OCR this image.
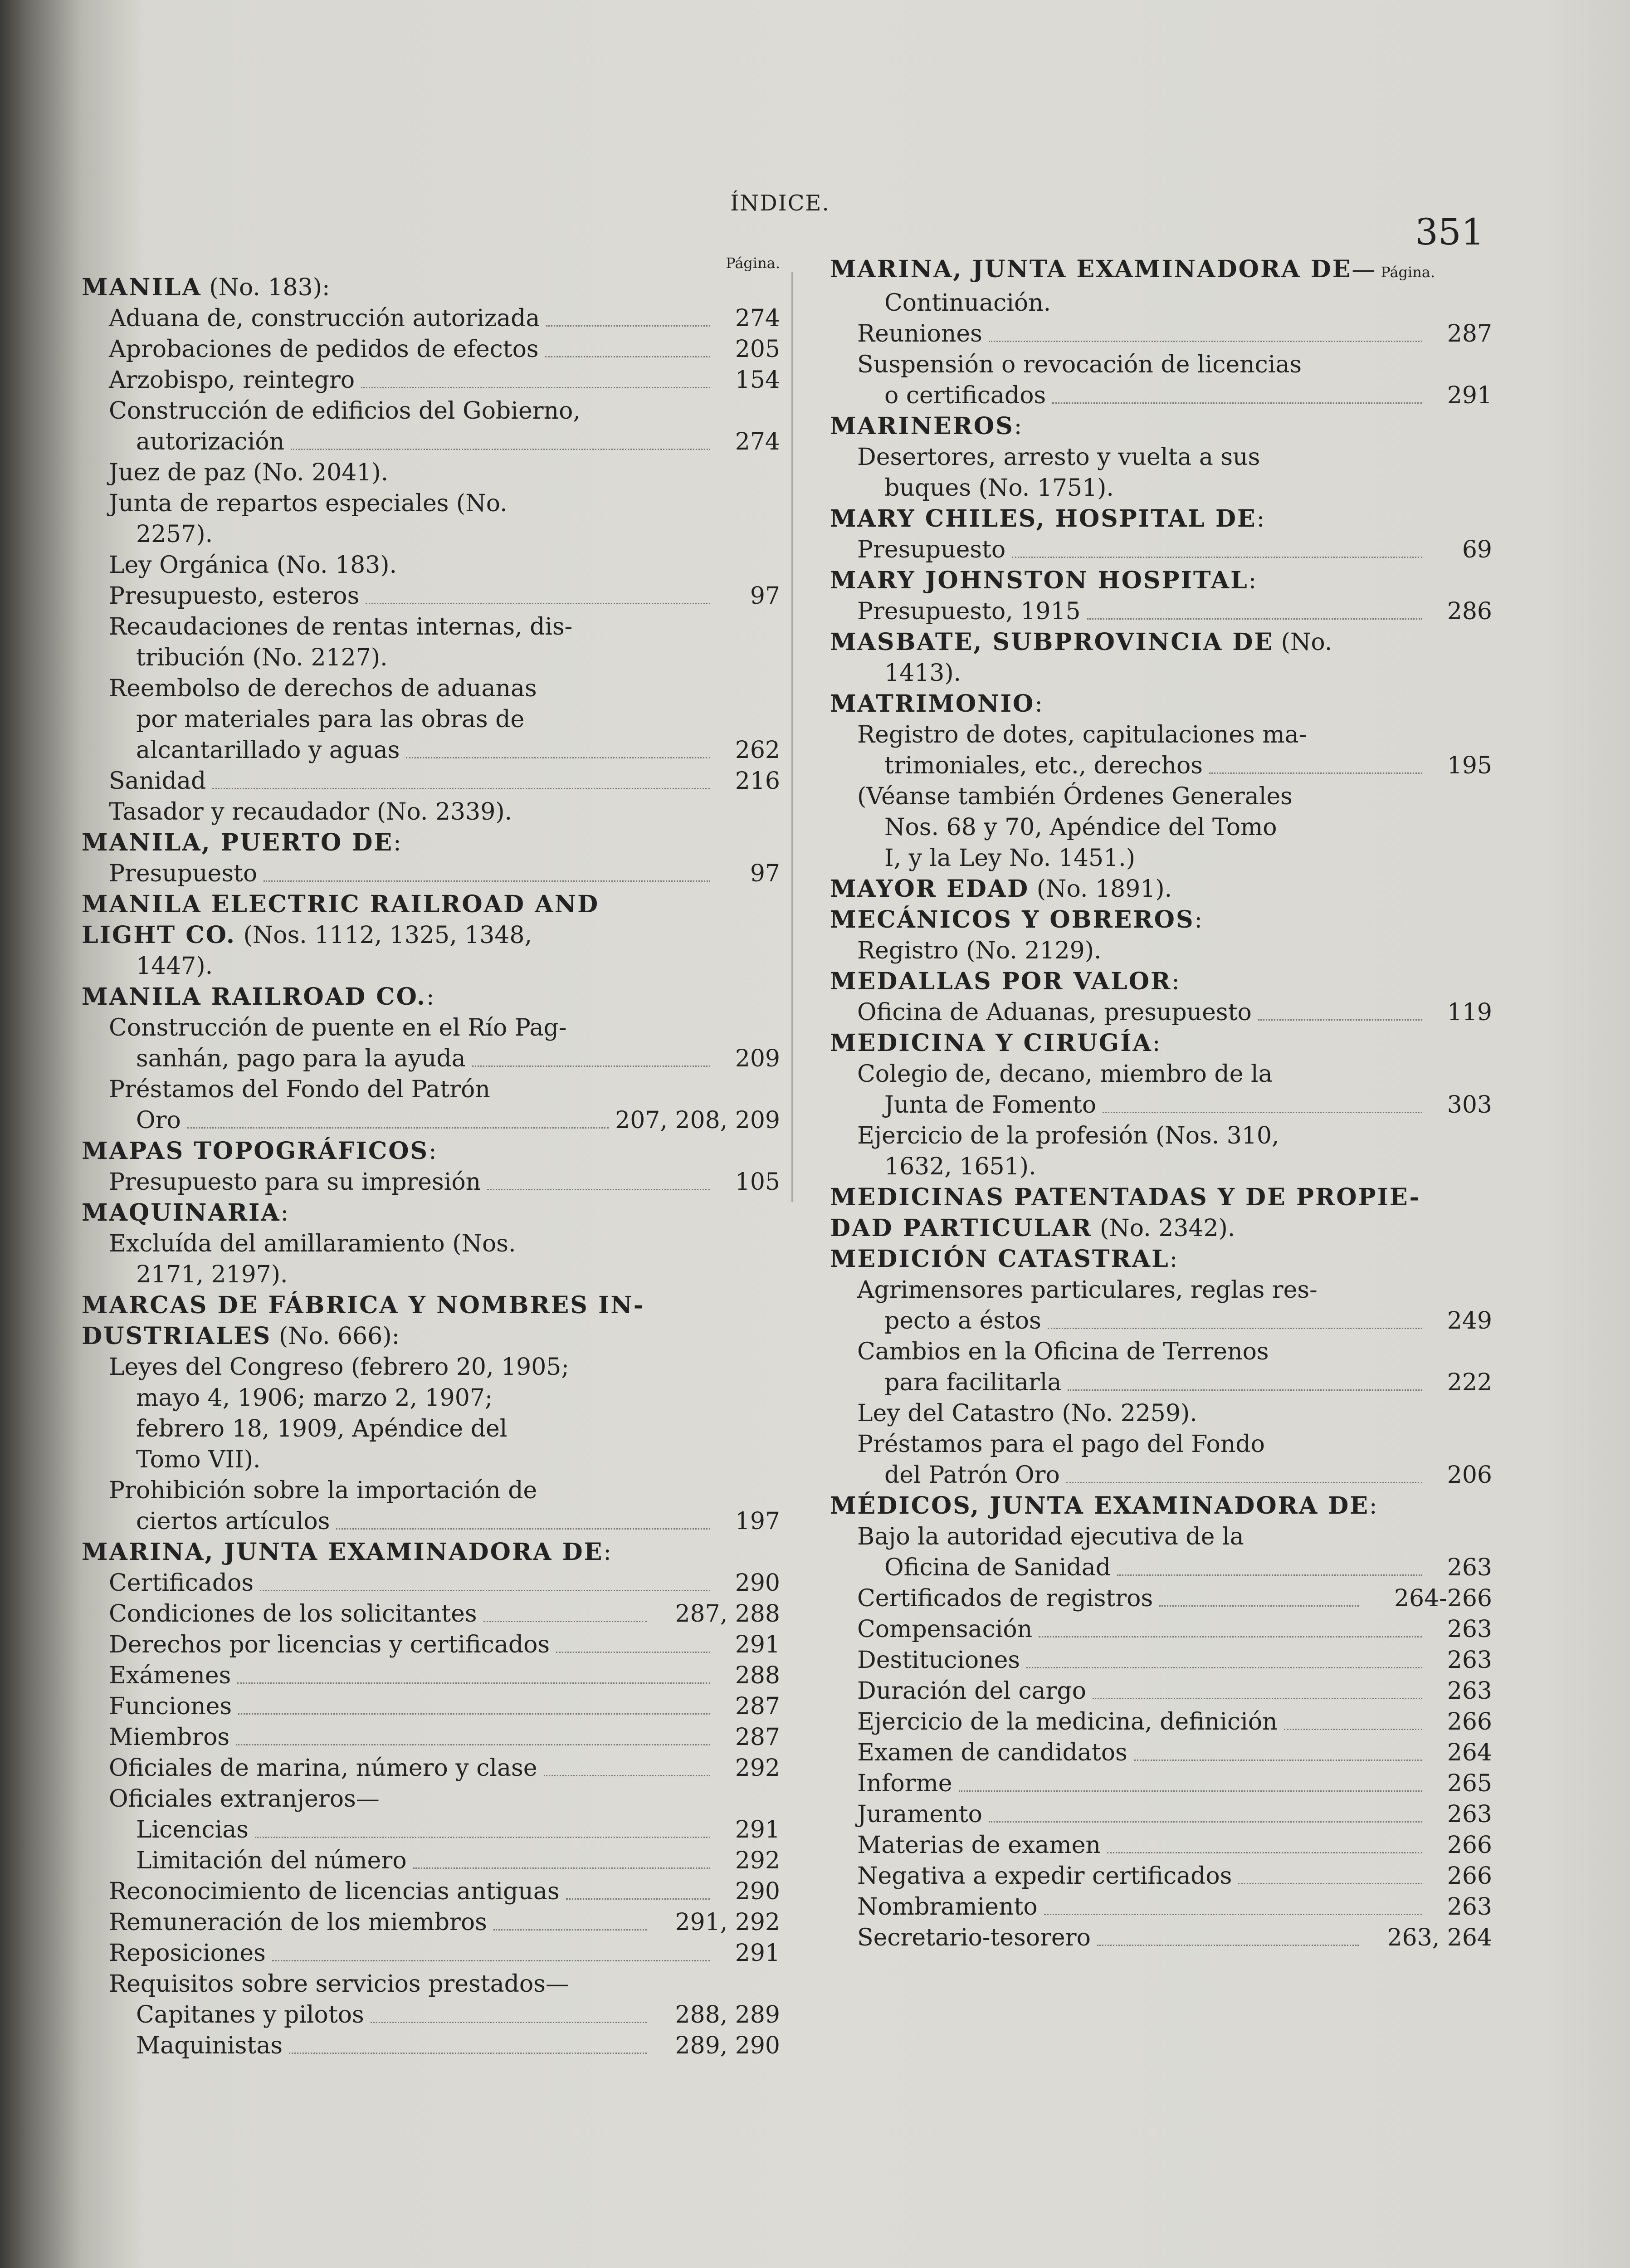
ÍNDICE.
351
Página.
MANILA (No. 183):
Aduana de, construcción autorizada	274
Aprobaciones de pedidos de efectos	205
Arzobispo, reintegro	154
Construcción de edificios del Gobierno,
autorización	274
Juez de paz (No. 2041).
Junta de repartos especiales (No.
2257).
Ley Orgánica (No. 183).
Presupuesto, esteros	97
Recaudaciones de rentas internas, dis-
tribución (No. 2127).
Reembolso de derechos de aduanas
por materiales para las obras de
alcantarillado y aguas	262
Sanidad	216
Tasador y recaudador (No. 2339).
MANILA, PUERTO DE:
Presupuesto	97
MANILA ELECTRIC RAILROAD AND
LIGHT CO. (Nos. 1112, 1325, 1348,
1447).
MANILA RAILROAD CO.:
Construcción de puente en el Río Pag-
sanhán, pago para la ayuda	209
Préstamos del Fondo del Patrón
Oro	207, 208, 209
MAPAS TOPOGRÁFICOS:
Presupuesto para su impresión	105
MAQUINARIA:
Excluída del amillaramiento (Nos.
2171, 2197).
MARCAS DE FÁBRICA Y NOMBRES IN-
DUSTRIALES (No. 666):
Leyes del Congreso (febrero 20, 1905;
mayo 4, 1906; marzo 2, 1907;
febrero 18, 1909, Apéndice del
Tomo VII).
Prohibición sobre la importación de
ciertos artículos	197
MARINA, JUNTA EXAMINADORA DE:
Certificados	290
Condiciones de los solicitantes	287, 288
Derechos por licencias y certificados	291
Exámenes	288
Funciones	287
Miembros	287
Oficiales de marina, número y clase	292
Oficiales extranjeros—
Licencias	291
Limitación del número	292
Reconocimiento de licencias antiguas	290
Remuneración de los miembros	291, 292
Reposiciones	291
Requisitos sobre servicios prestados—
Capitanes y pilotos	288, 289
Maquinistas	289, 290
MARINA, JUNTA EXAMINADORA DE— Página.
Continuación.
Reuniones	287
Suspensión o revocación de licencias
o certificados	291
MARINEROS:
Desertores, arresto y vuelta a sus
buques (No. 1751).
MARY CHILES, HOSPITAL DE:
Presupuesto	69
MARY JOHNSTON HOSPITAL:
Presupuesto, 1915	286
MASBATE, SUBPROVINCIA DE (No.
1413).
MATRIMONIO:
Registro de dotes, capitulaciones ma-
trimoniales, etc., derechos	195
(Véanse también Órdenes Generales
Nos. 68 y 70, Apéndice del Tomo
I, y la Ley No. 1451.)
MAYOR EDAD (No. 1891).
MECÁNICOS Y OBREROS:
Registro (No. 2129).
MEDALLAS POR VALOR:
Oficina de Aduanas, presupuesto	119
MEDICINA Y CIRUGÍA:
Colegio de, decano, miembro de la
Junta de Fomento	303
Ejercicio de la profesión (Nos. 310,
1632, 1651).
MEDICINAS PATENTADAS Y DE PROPIE-
DAD PARTICULAR (No. 2342).
MEDICIÓN CATASTRAL:
Agrimensores particulares, reglas res-
pecto a éstos	249
Cambios en la Oficina de Terrenos
para facilitarla	222
Ley del Catastro (No. 2259).
Préstamos para el pago del Fondo
del Patrón Oro	206
MÉDICOS, JUNTA EXAMINADORA DE:
Bajo la autoridad ejecutiva de la
Oficina de Sanidad	263
Certificados de registros	264-266
Compensación	263
Destituciones	263
Duración del cargo	263
Ejercicio de la medicina, definición	266
Examen de candidatos	264
Informe	265
Juramento	263
Materias de examen	266
Negativa a expedir certificados	266
Nombramiento	263
Secretario-tesorero	263, 264
